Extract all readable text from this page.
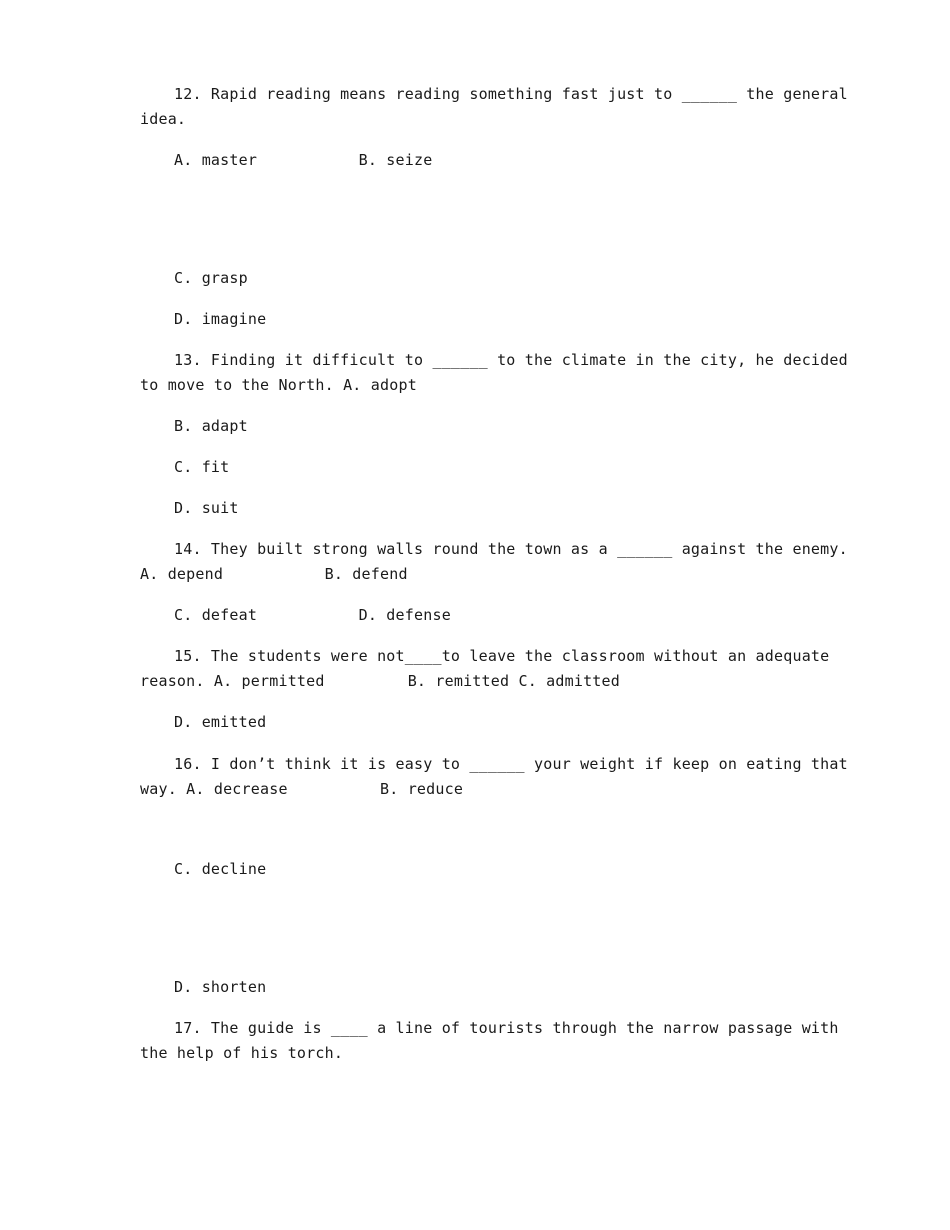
12. Rapid reading means reading something fast just to ______ the general

idea.

A. master           B. seize

C. grasp

D. imagine

13. Finding it difficult to ______ to the climate in the city, he decided

to move to the North. A. adopt

B. adapt

C. fit

D. suit

14. They built strong walls round the town as a ______ against the enemy.

A. depend           B. defend

C. defeat           D. defense

15. The students were not____to leave the classroom without an adequate

reason. A. permitted         B. remitted C. admitted

D. emitted

16. I don’t think it is easy to ______ your weight if keep on eating that

way. A. decrease          B. reduce

C. decline

D. shorten

17. The guide is ____ a line of tourists through the narrow passage with

the help of his torch.
